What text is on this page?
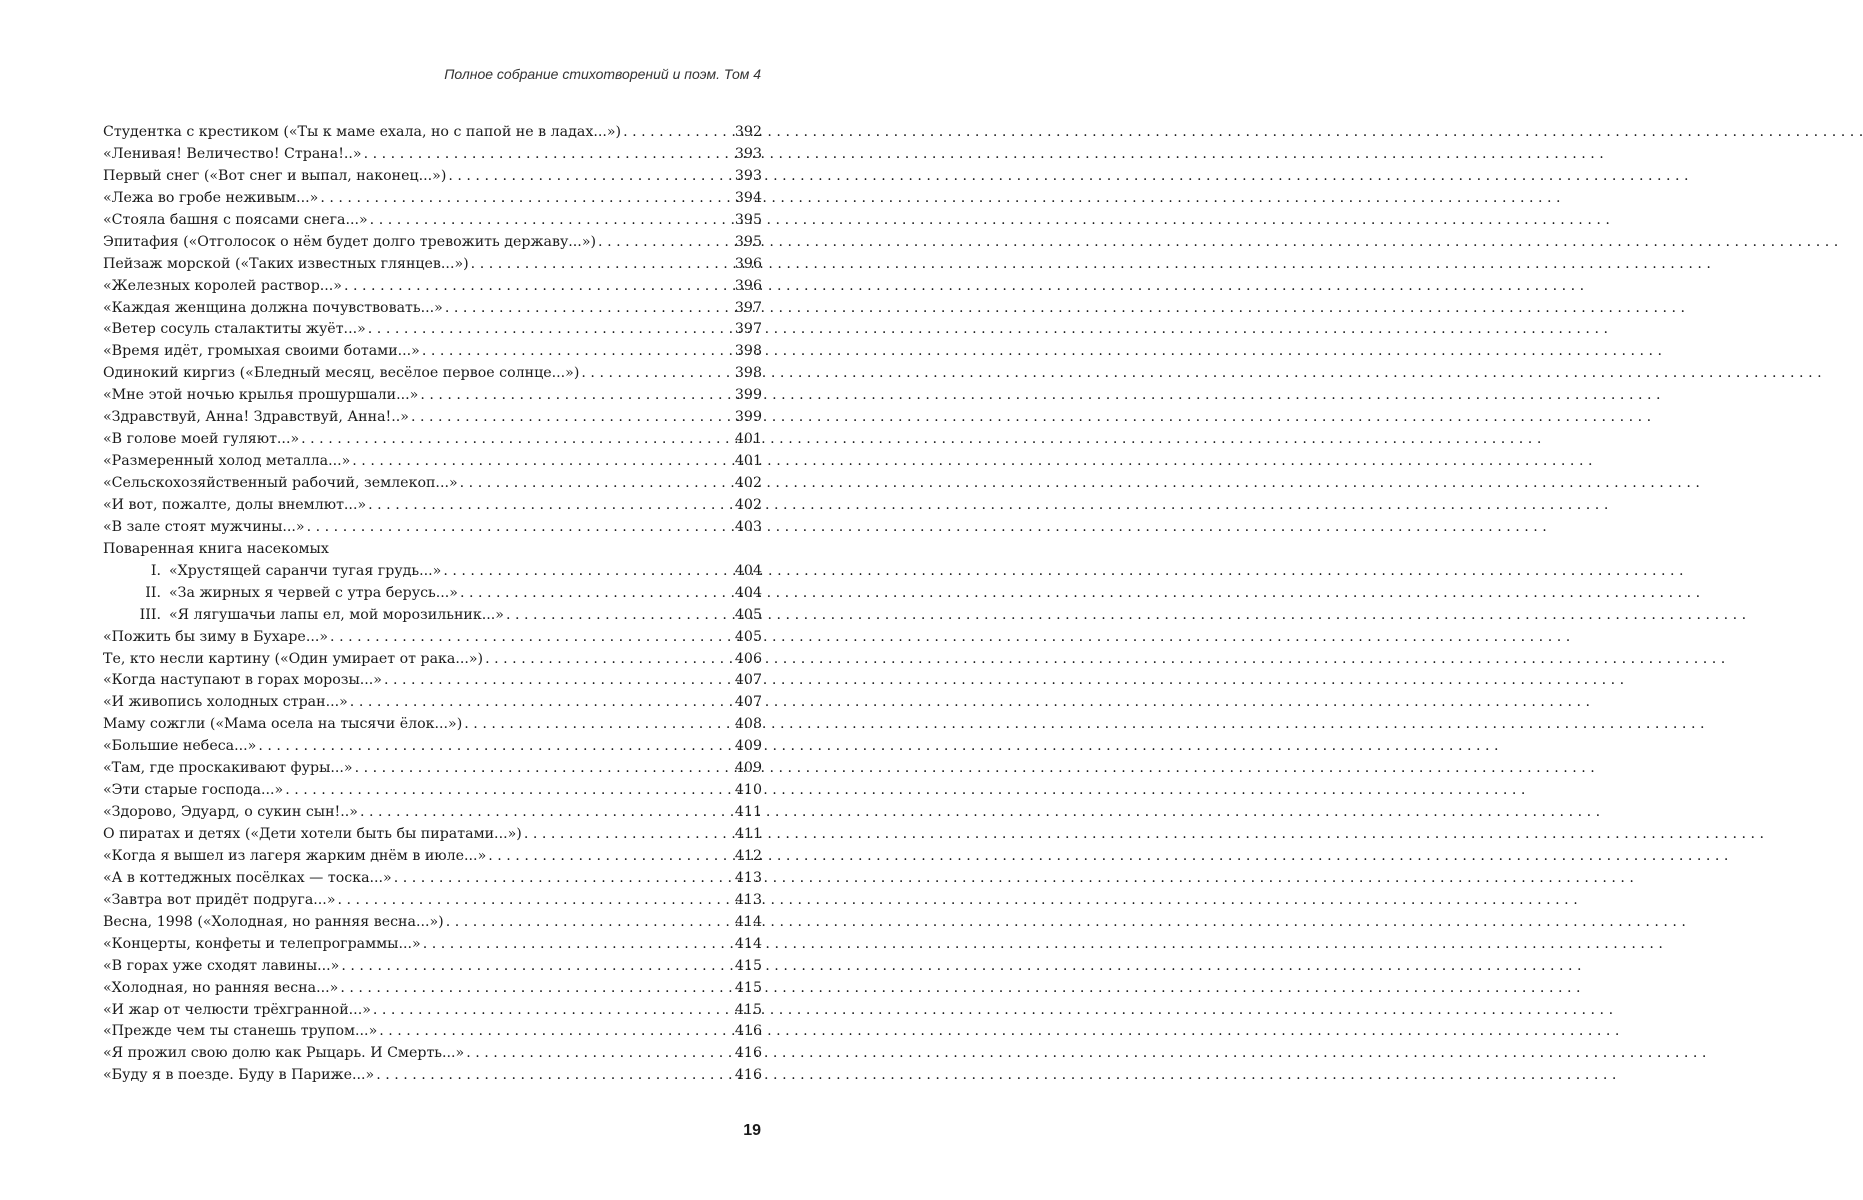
Полное собрание стихотворений и поэм. Том 4
Студентка с крестиком («Ты к маме ехала, но с папой не в ладах...») . . .	392
«Ленивая! Величество! Страна!..» . . .	393
Первый снег («Вот снег и выпал, наконец...») . . .	393
«Лежа во гробе неживым...» . . .	394
«Стояла башня с поясами снега...» . . .	395
Эпитафия («Отголосок о нём будет долго тревожить державу...») . . .	395
Пейзаж морской («Таких известных глянцев...») . . .	396
«Железных королей раствор...» . . .	396
«Каждая женщина должна почувствовать...» . . .	397
«Ветер сосуль сталактиты жуёт...» . . .	397
«Время идёт, громыхая своими ботами...» . . .	398
Одинокий киргиз («Бледный месяц, весёлое первое солнце...») . . .	398
«Мне этой ночью крылья прошуршали...» . . .	399
«Здравствуй, Анна! Здравствуй, Анна!..» . . .	399
«В голове моей гуляют...» . . .	401
«Размеренный холод металла...» . . .	401
«Сельскохозяйственный рабочий, землекоп...» . . .	402
«И вот, пожалте, долы внемлют...» . . .	402
«В зале стоят мужчины...» . . .	403
Поваренная книга насекомых
I. «Хрустящей саранчи тугая грудь...» . . .	404
II. «За жирных я червей с утра берусь...» . . .	404
III. «Я лягушачьи лапы ел, мой морозильник...» . . .	405
«Пожить бы зиму в Бухаре...» . . .	405
Те, кто несли картину («Один умирает от рака...») . . .	406
«Когда наступают в горах морозы...» . . .	407
«И живопись холодных стран...» . . .	407
Маму сожгли («Мама осела на тысячи ёлок...») . . .	408
«Большие небеса...» . . .	409
«Там, где проскакивают фуры...» . . .	409
«Эти старые господа...» . . .	410
«Здорово, Эдуард, о сукин сын!..» . . .	411
О пиратах и детях («Дети хотели быть бы пиратами...») . . .	411
«Когда я вышел из лагеря жарким днём в июле...» . . .	412
«А в коттеджных посёлках — тоска...» . . .	413
«Завтра вот придёт подруга...» . . .	413
Весна, 1998 («Холодная, но ранняя весна...») . . .	414
«Концерты, конфеты и телепрограммы...» . . .	414
«В горах уже сходят лавины...» . . .	415
«Холодная, но ранняя весна...» . . .	415
«И жар от челюсти трёхгранной...» . . .	415
«Прежде чем ты станешь трупом...» . . .	416
«Я прожил свою долю как Рыцарь. И Смерть...» . . .	416
«Буду я в поезде. Буду в Париже...» . . .	416
19
